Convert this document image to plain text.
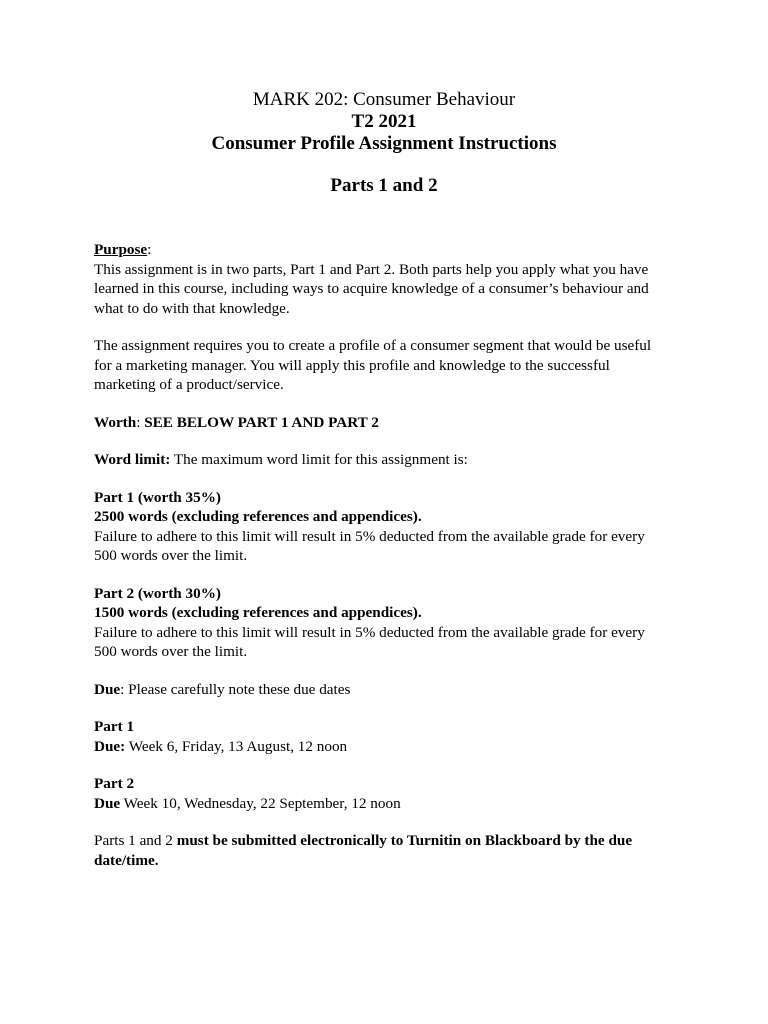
MARK 202: Consumer Behaviour
T2 2021
Consumer Profile Assignment Instructions
Parts 1 and 2
Purpose:
This assignment is in two parts, Part 1 and Part 2. Both parts help you apply what you have
learned in this course, including ways to acquire knowledge of a consumer’s behaviour and
what to do with that knowledge.
The assignment requires you to create a profile of a consumer segment that would be useful
for a marketing manager. You will apply this profile and knowledge to the successful
marketing of a product/service.
Worth: SEE BELOW PART 1 AND PART 2
Word limit: The maximum word limit for this assignment is:
Part 1 (worth 35%)
2500 words (excluding references and appendices).
Failure to adhere to this limit will result in 5% deducted from the available grade for every
500 words over the limit.
Part 2 (worth 30%)
1500 words (excluding references and appendices).
Failure to adhere to this limit will result in 5% deducted from the available grade for every
500 words over the limit.
Due: Please carefully note these due dates
Part 1
Due: Week 6, Friday, 13 August, 12 noon
Part 2
Due Week 10, Wednesday, 22 September, 12 noon
Parts 1 and 2 must be submitted electronically to Turnitin on Blackboard by the due
date/time.
